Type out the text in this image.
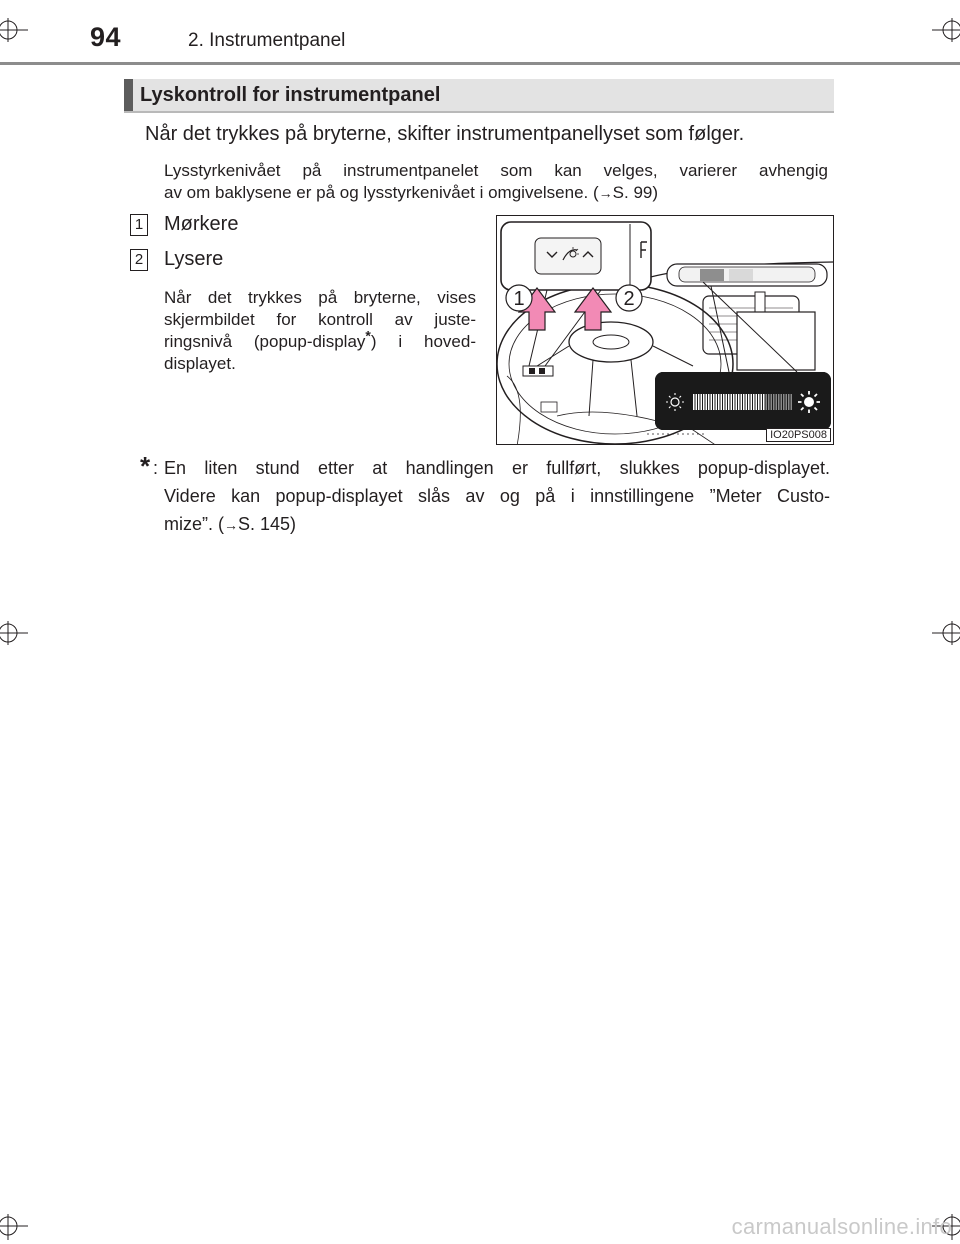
94	2. Instrumentpanel
Lyskontroll for instrumentpanel
Når det trykkes på bryterne, skifter instrumentpanellyset som følger.
Lysstyrkenivået på instrumentpanelet som kan velges, varierer avhengig
av om baklysene er på og lysstyrkenivået i omgivelsene. (→S. 99)
1 Mørkere
2 Lysere
Når det trykkes på bryterne, vises
skjermbildet for kontroll av juste-
ringsnivå (popup-display*) i hoved-
displayet.
1	2
IO20PS008
* : En liten stund etter at handlingen er fullført, slukkes popup-displayet.
Videre kan popup-displayet slås av og på i innstillingene ”Meter Custo-
mize”. (→S. 145)
carmanualsonline.info
